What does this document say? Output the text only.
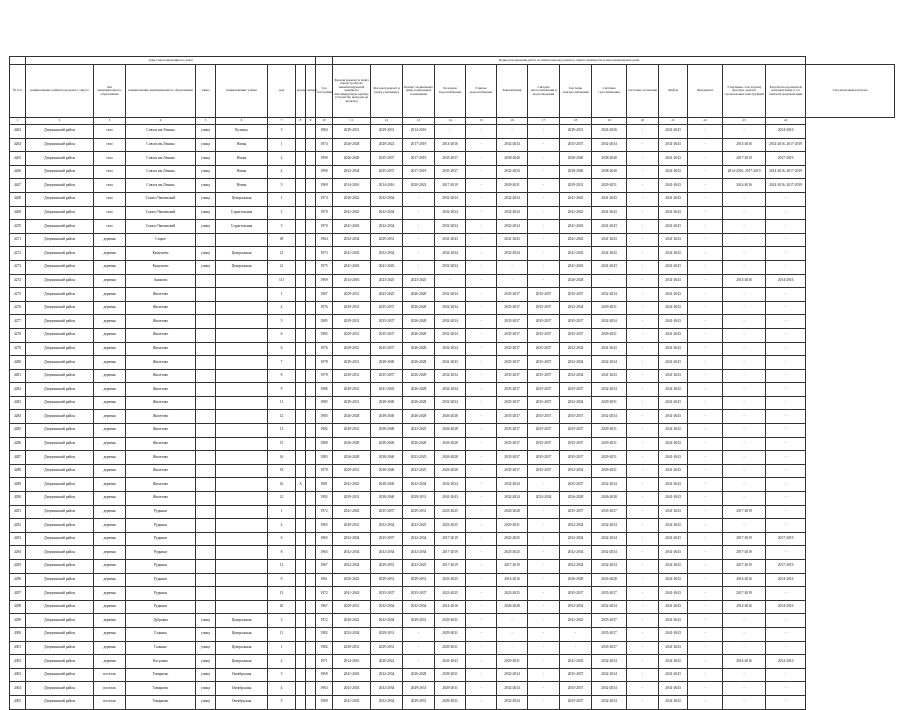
	Адрес многоквартирного дома									Период проведения работ по капитальному ремонту общего имущества в многоквартирном доме														
№ п/п	наименование района/городского округа	тип муниципального образования	наименование муниципального образования	улица	наименование улицы	дом	корпус	литера	Год постройки	Кровля (ремонт и (или) переустройство невентилируемой крыши на вентилируемую крышу, устройство выходов на кровлю)	Фасады (ремонт и (или) утепление)	Ремонт подвальных (или) подвальных помещений	Холодное водоснабжение	Горячее водоснабжение	Канализация	Система теплоснабжения и водоотведения	Системы электроснабжения	Системы газоснабжения	Системы отопления	Лифты	Фундамент	Утепление стен и (или) фасадов, ремонт строительных конструкций	Разработка проектной документации, в т.ч. сметной документации	Строительный контроль
1	2	3	4	5	6	7	8	9	10	11	12	13	14	15	16	17	18	19	20	21	22	23	24	
4263	Дзержинский район	село	Совхоз им.Ленина	улица	Кузнеца	3			1984	2029-2031	2029-2031	2014-2016	-	-	-	-	2029-2031	2024-2026	-	2041-2043	-	-	2014-2016	
4264	Дзержинский район	село	Совхоз им.Ленина	улица	Новая	1			1974	2026-2028	2020-2022	2017-2019	2014-2016	-	2032-2034	-	2035-2037	2032-2034	-	2041-2043	-	2014-2016	2014-2016, 2017-2019	
4265	Дзержинский район	село	Совхоз им.Ленина	улица	Новая	2			1990	2026-2028	2035-2037	2017-2019	2035-2037	-	2038-2040	-	2038-2040	2038-2040	-	2041-2043	-	2017-2019	2017-2019	
4266	Дзержинский район	село	Совхоз им.Ленина	улица	Новая	4			1990	2032-2034	2035-2037	2017-2019	2035-2037	-	2032-2034	-	2038-2040	2038-2040	-	2041-2043	-	2014-2016, 2017-2019	2014-2016, 2017-2019	
4267	Дзержинский район	село	Совхоз им.Ленина	улица	Новая	5			1969	2014-2016	2014-2016	2020-2022	2017-2019	-	2029-2031	-	2029-2031	2029-2031	-	2041-2043	-	2014-2016	2014-2016, 2017-2019	
4268	Дзержинский район	село	Совхоз Чапаевский	улица	Центральная	1			1974	2020-2022	2032-2034	-	2032-2034	-	2032-2034	-	2041-2043	2041-2043	-	2041-2043	-	-	-	
4269	Дзержинский район	село	Совхоз Чапаевский	улица	Строительная	1			1970	2041-2043	2032-2034	-	2032-2034	-	2032-2034	-	2041-2043	2041-2043	-	2041-2043	-	-	-	
4270	Дзержинский район	село	Совхоз Чапаевский	улица	Строительная	3			1970	2041-2043	2032-2034	-	2032-2034	-	2032-2034	-	2041-2043	2041-2043	-	2041-2043	-	-	-	
4271	Дзержинский район	деревня	Старое			49			1964	2032-2034	2029-2031	-	2041-2043	-	2041-2043	-	2041-2043	2041-2043	-	2041-2043	-	-	-	
4272	Дзержинский район	деревня	Камушево	улица	Центральная	21			1973	2041-2043	2032-2034	-	2032-2034	-	2032-2034	-	2041-2043	2041-2043	-	2041-2043	-	-	-	
4273	Дзержинский район	деревня	Камушево	улица	Центральная	21			1975	2041-2043	2041-2043	-	2032-2034	-	-	-	2041-2043	2041-2043	-	2041-2043	-	-	-	
4274	Дзержинский район	деревня	Акимово			111			1969	2014-2016	2023-2025	2023-2025	-	-	-	-	2026-2028	-	-	2041-2043	-	2014-2016	2014-2016	
4275	Дзержинский район	деревня	Жилетово			1			1967	2029-2031	2023-2025	2026-2028	2032-2034	-	2035-2037	2035-2037	2035-2037	2032-2034	-	2041-2043	-	-	-	
4276	Дзержинский район	деревня	Жилетово			4			1976	2029-2031	2035-2037	2026-2028	2032-2034	-	2035-2037	2035-2037	2032-2034	2029-2031	-	2041-2043	-	-	-	
4277	Дзержинский район	деревня	Жилетово			5			1985	2029-2031	2035-2037	2026-2028	2032-2034	-	2035-2037	2035-2037	2035-2037	2032-2034	-	2041-2043	-	-	-	
4278	Дзержинский район	деревня	Жилетово			6			1985	2029-2031	2035-2037	2026-2028	2032-2034	-	2035-2037	2035-2037	2035-2037	2029-2031	-	2041-2043	-	-	-	
4279	Дзержинский район	деревня	Жилетово			6			1976	2029-2031	2035-2037	2026-2028	2032-2034	-	2035-2037	2035-2037	2032-2034	2041-2043	-	2041-2043	-	-	-	
4280	Дзержинский район	деревня	Жилетово			7			1978	2029-2031	2038-2040	2026-2028	2041-2043	-	2035-2037	2035-2037	2032-2034	2032-2034	-	2041-2043	-	-	-	
4281	Дзержинский район	деревня	Жилетово			8			1978	2029-2031	2035-2037	2026-2028	2032-2034	-	2035-2037	2035-2037	2032-2034	2041-2043	-	2041-2043	-	-	-	
4282	Дзержинский район	деревня	Жилетово			9			1986	2029-2031	2041-2043	2026-2028	2032-2034	-	2035-2037	2035-2037	2035-2037	2032-2034	-	2041-2043	-	-	-	
4283	Дзержинский район	деревня	Жилетово			11			1985	2029-2031	2038-2040	2026-2028	2032-2034	-	2035-2037	2035-2037	2032-2034	2029-2031	-	2041-2043	-	-	-	
4284	Дзержинский район	деревня	Жилетово			12			1985	2026-2028	2038-2040	2026-2028	2026-2028	-	2035-2037	2035-2037	2035-2037	2032-2034	-	2041-2043	-	-	-	
4285	Дзержинский район	деревня	Жилетово			13			1982	2029-2031	2038-2040	2023-2025	2026-2028	-	2035-2037	2035-2037	2035-2037	2029-2031	-	2041-2043	-	-	-	
4286	Дзержинский район	деревня	Жилетово			15			1980	2026-2028	2038-2040	2026-2028	2026-2028	-	2035-2037	2035-2037	2035-2037	2029-2031	-	2041-2043	-	-	-	
4287	Дзержинский район	деревня	Жилетово			16			1983	2026-2028	2038-2040	2023-2025	2026-2028	-	2035-2037	2035-2037	2035-2037	2029-2031	-	2041-2043	-	-	-	
4288	Дзержинский район	деревня	Жилетово			18			1978	2029-2031	2038-2040	2023-2025	2026-2028	-	2035-2037	2035-2037	2032-2034	2029-2031	-	2041-2043	-	-	-	
4289	Дзержинский район	деревня	Жилетово			16	А		1981	2041-2043	2038-2040	2032-2034	2032-2034	-	2032-2034	-	2035-2037	2032-2034	-	2041-2043	-	-	-	
4290	Дзержинский район	деревня	Жилетово			21			1992	2029-2031	2038-2040	2029-2031	2041-2043	-	2032-2034	2032-2034	2026-2028	2026-2028	-	2041-2043	-	-	-	
4291	Дзержинский район	деревня	Рудники			1			1972	2041-2043	2035-2037	2029-2031	2023-2025	-	2026-2028	-	2035-2037	2035-2037	-	2041-2043	-	2017-2019	-	
4292	Дзержинский район	деревня	Рудники			4			1965	2029-2031	2032-2034	2023-2025	2023-2025	-	2029-2031	-	2032-2034	2032-2034	-	2041-2043	-	-	-	
4293	Дзержинский район	деревня	Рудники			6			1965	2032-2034	2035-2037	2032-2034	2017-2019	-	2023-2025	-	2032-2034	2032-2034	-	2041-2043	-	2017-2019	2017-2019	
4294	Дзержинский район	деревня	Рудники			8			1965	2032-2034	2032-2034	2032-2034	2017-2019	-	2023-2025	-	2032-2034	2032-2034	-	2041-2043	-	2017-2019	-	
4295	Дзержинский район	деревня	Рудники			12			1967	2032-2034	2029-2031	2023-2025	2017-2019	-	2017-2019	-	2032-2034	2032-2034	-	2041-2043	-	2017-2019	2017-2019	
4296	Дзержинский район	деревня	Рудники			9			1961	2020-2022	2029-2031	2029-2031	2023-2025	-	2014-2016	-	2026-2028	2026-2028	-	2041-2043	-	2014-2016	2014-2016	
4297	Дзержинский район	деревня	Рудники			15			1972	2041-2043	2035-2037	2035-2037	2023-2025	-	2023-2025	-	2035-2037	2035-2037	-	2041-2043	-	2017-2019	-	
4298	Дзержинский район	деревня	Рудники			20			1967	2029-2031	2032-2034	2032-2034	2014-2016	-	2026-2028	-	2032-2034	2032-2034	-	2041-2043	-	2014-2016	2014-2016	
4299	Дзержинский район	деревня	Дубровка	улица	Центральная	3			1972	2020-2022	2032-2034	2029-2031	2029-2031	-	-	-	2041-2043	2035-2037	-	2041-2043	-	-	-	
4300	Дзержинский район	деревня	Галкино	улица	Центральная	11			1982	2032-2034	2029-2031	-	2029-2031	-	-	-	-	2035-2037	-	2041-2043	-	-	-	
4301	Дзержинский район	деревня	Галкино	улица	Центральная	1			1982	2029-2031	2029-2031	-	2029-2031	-	-	-	-	2035-2037	-	2041-2043	-	-	-	
4302	Дзержинский район	деревня	Косулино	улица	Центральная	2			1971	2014-2016	2020-2022	-	2041-2043	-	2029-2031	-	2041-2043	2032-2034	-	2041-2043	-	2014-2016	2014-2016	
4303	Дзержинский район	поселок	Товарково	улица	Октябрьская	3			1969	2041-2043	2032-2034	2026-2028	2029-2031	-	2032-2034	-	2035-2037	2032-2034	-	2041-2043	-	-	-	
4304	Дзержинский район	поселок	Товарково	улица	Октябрьская	4			1963	2041-2043	2032-2034	2029-2031	2029-2031	-	2032-2034	-	2035-2037	2032-2034	-	2041-2043	-	-	-	
4305	Дзержинский район	поселок	Товарково	улица	Октябрьская	5			1969	2041-2043	2032-2034	2029-2031	2029-2031	-	2032-2034	-	2035-2037	2032-2034	-	2041-2043	-	-	-	
